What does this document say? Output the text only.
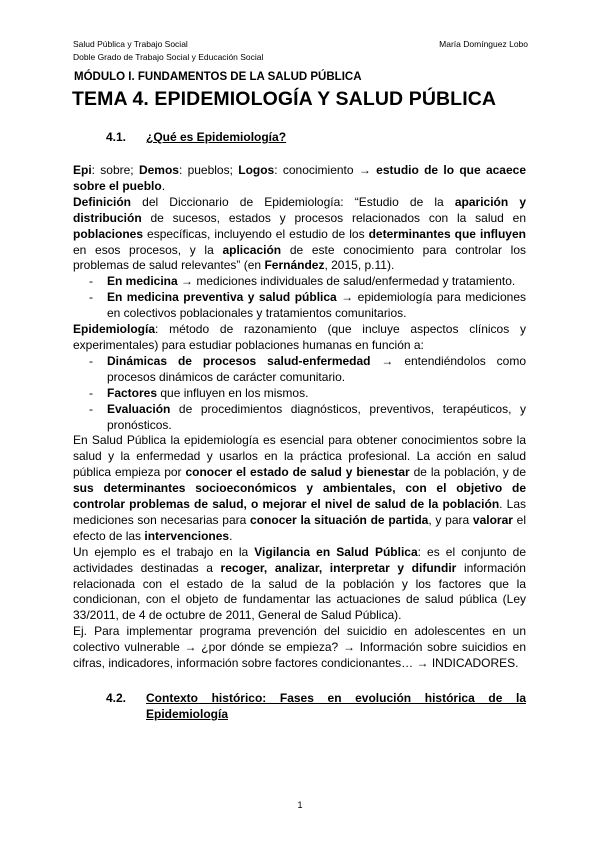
Salud Pública y Trabajo Social
Doble Grado de Trabajo Social y Educación Social
María Domínguez Lobo
MÓDULO I. FUNDAMENTOS DE LA SALUD PÚBLICA
TEMA 4. EPIDEMIOLOGÍA Y SALUD PÚBLICA
4.1. ¿Qué es Epidemiología?

Epi: sobre; Demos: pueblos; Logos: conocimiento → estudio de lo que acaece sobre el pueblo.

Definición del Diccionario de Epidemiología: “Estudio de la aparición y distribución de sucesos, estados y procesos relacionados con la salud en poblaciones específicas, incluyendo el estudio de los determinantes que influyen en esos procesos, y la aplicación de este conocimiento para controlar los problemas de salud relevantes” (en Fernández, 2015, p.11).

- En medicina → mediciones individuales de salud/enfermedad y tratamiento.
- En medicina preventiva y salud pública → epidemiología para mediciones en colectivos poblacionales y tratamientos comunitarios.

Epidemiología: método de razonamiento (que incluye aspectos clínicos y experimentales) para estudiar poblaciones humanas en función a:

- Dinámicas de procesos salud-enfermedad → entendiéndolos como procesos dinámicos de carácter comunitario.
- Factores que influyen en los mismos.
- Evaluación de procedimientos diagnósticos, preventivos, terapéuticos, y pronósticos.

En Salud Pública la epidemiología es esencial para obtener conocimientos sobre la salud y la enfermedad y usarlos en la práctica profesional. La acción en salud pública empieza por conocer el estado de salud y bienestar de la población, y de sus determinantes socioeconómicos y ambientales, con el objetivo de controlar problemas de salud, o mejorar el nivel de salud de la población. Las mediciones son necesarias para conocer la situación de partida, y para valorar el efecto de las intervenciones.

Un ejemplo es el trabajo en la Vigilancia en Salud Pública: es el conjunto de actividades destinadas a recoger, analizar, interpretar y difundir información relacionada con el estado de la salud de la población y los factores que la condicionan, con el objeto de fundamentar las actuaciones de salud pública (Ley 33/2011, de 4 de octubre de 2011, General de Salud Pública).

Ej. Para implementar programa prevención del suicidio en adolescentes en un colectivo vulnerable → ¿por dónde se empieza? → Información sobre suicidios en cifras, indicadores, información sobre factores condicionantes… → INDICADORES.

4.2. Contexto histórico: Fases en evolución histórica de la Epidemiología
1
